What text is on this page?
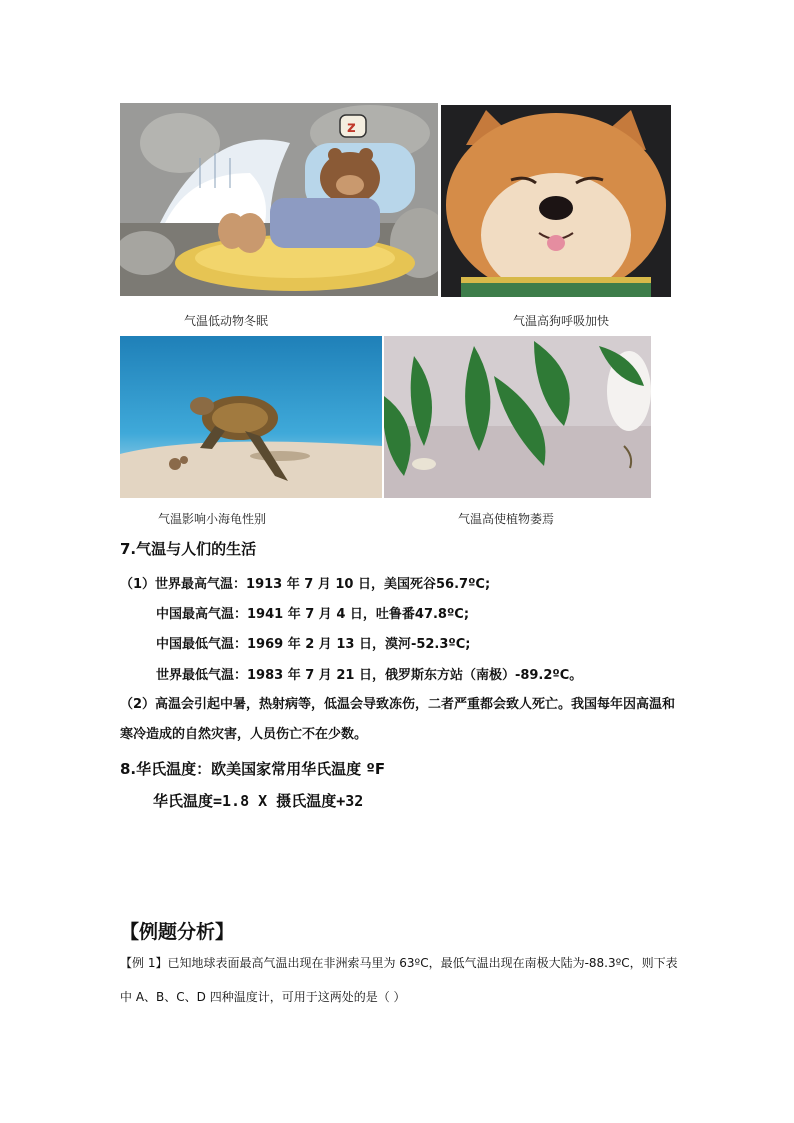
z
气温低动物冬眠	气温高狗呼吸加快
气温影响小海龟性别	气温高使植物萎焉
7.气温与人们的生活
（1）世界最高气温：1913 年 7 月 10 日，美国死谷56.7ºC;
中国最高气温：1941 年 7 月 4 日，吐鲁番47.8ºC;
中国最低气温：1969 年 2 月 13 日，漠河-52.3ºC;
世界最低气温：1983 年 7 月 21 日，俄罗斯东方站（南极）-89.2ºC。
（2）高温会引起中暑，热射病等，低温会导致冻伤，二者严重都会致人死亡。我国每年因高温和寒冷造成的自然灾害，人员伤亡不在少数。
8.华氏温度：欧美国家常用华氏温度 ºF
华氏温度=1.8 X 摄氏温度+32
【例题分析】
【例 1】已知地球表面最高气温出现在非洲索马里为 63ºC，最低气温出现在南极大陆为-88.3ºC，则下表中 A、B、C、D 四种温度计，可用于这两处的是（ ）
